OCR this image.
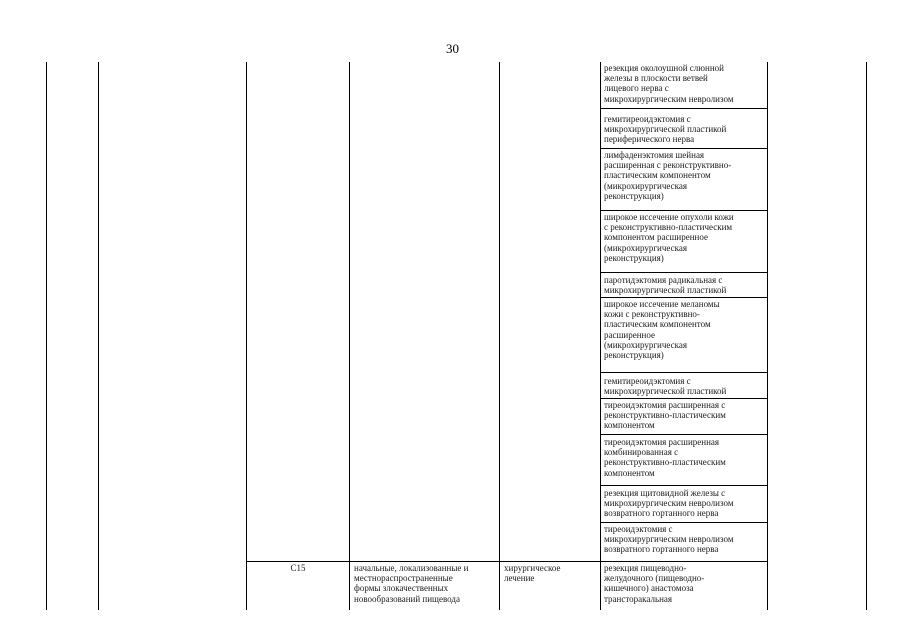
30
резекция околоушной слюнной
железы в плоскости ветвей
лицевого нерва с
микрохирургическим невролизом
гемитиреоидэктомия с
микрохирургической пластикой
периферического нерва
лимфаденэктомия шейная
расширенная с реконструктивно-
пластическим компонентом
(микрохирургическая
реконструкция)
широкое иссечение опухоли кожи
с реконструктивно-пластическим
компонентом расширенное
(микрохирургическая
реконструкция)
паротидэктомия радикальная с
микрохирургической пластикой
широкое иссечение меланомы
кожи с реконструктивно-
пластическим компонентом
расширенное
(микрохирургическая
реконструкция)
гемитиреоидэктомия с
микрохирургической пластикой
тиреоидэктомия расширенная с
реконструктивно-пластическим
компонентом
тиреоидэктомия расширенная
комбинированная с
реконструктивно-пластическим
компонентом
резекция щитовидной железы с
микрохирургическим невролизом
возвратного гортанного нерва
тиреоидэктомия с
микрохирургическим невролизом
возвратного гортанного нерва
C15	начальные, локализованные и
местнораспространенные
формы злокачественных
новообразований пищевода
хирургическое
лечение
резекция пищеводно-
желудочного (пищеводно-
кишечного) анастомоза
трансторакальная
